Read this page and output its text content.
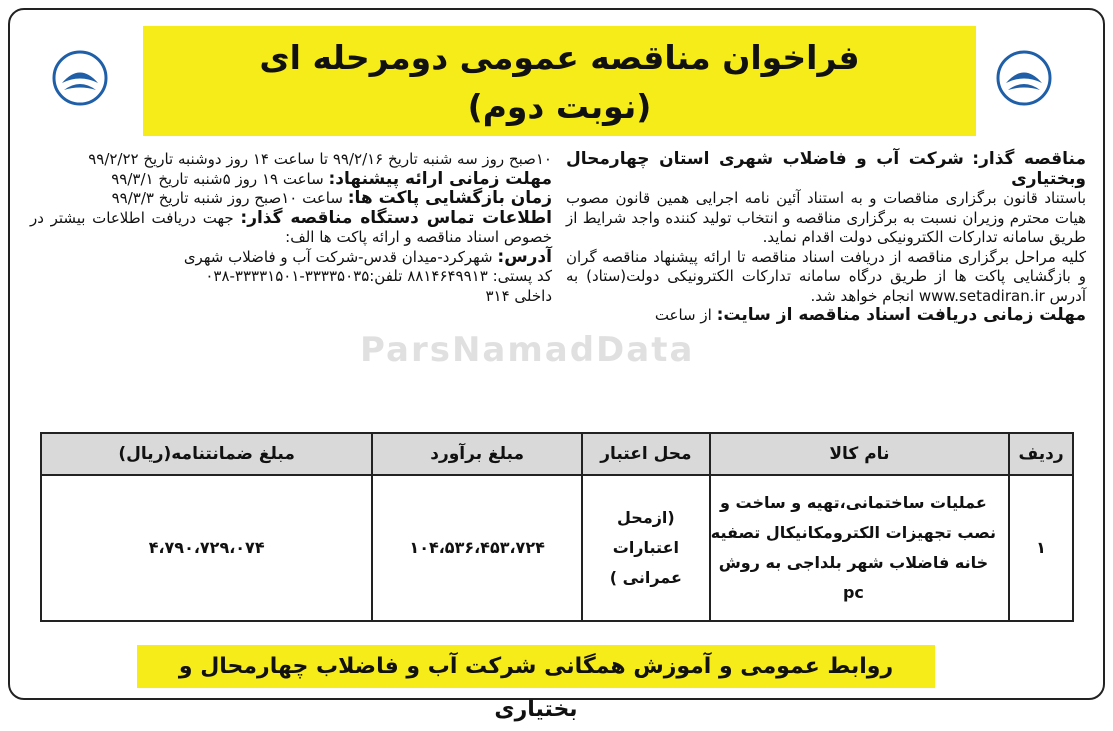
فراخوان مناقصه عمومی دومرحله ای
(نوبت دوم)

مناقصه گذار: شرکت آب و فاضلاب شهری استان چهارمحال وبختیاری

باستناد قانون برگزاری مناقصات و به استناد آئین نامه اجرایی همین قانون مصوب هیات محترم وزیران نسبت به برگزاری مناقصه و انتخاب تولید کننده واجد شرایط از طریق سامانه تدارکات الکترونیکی دولت اقدام نماید.

کلیه مراحل برگزاری مناقصه از دریافت اسناد مناقصه تا ارائه پیشنهاد مناقصه گران و بازگشایی پاکت ها از طریق درگاه سامانه تدارکات الکترونیکی دولت(ستاد) به آدرس www.setadiran.ir انجام خواهد شد.

مهلت زمانی دریافت اسناد مناقصه از سایت: از ساعت

۱۰صبح روز سه شنبه تاریخ ۹۹/۲/۱۶ تا ساعت ۱۴ روز دوشنبه تاریخ ۹۹/۲/۲۲

مهلت زمانی ارائه پیشنهاد: ساعت ۱۹ روز ۵شنبه تاریخ ۹۹/۳/۱

زمان بازگشایی پاکت ها: ساعت ۱۰صبح روز شنبه تاریخ ۹۹/۳/۳

اطلاعات تماس دستگاه مناقصه گذار: جهت دریافت اطلاعات بیشتر در خصوص اسناد مناقصه و ارائه پاکت ها الف:

آدرس: شهرکرد-میدان قدس-شرکت آب و فاضلاب شهری

کد پستی: ۸۸۱۴۶۴۹۹۱۳ تلفن:۳۳۳۳۵۰۳۵-۳۳۳۳۱۵۰۱-۰۳۸

داخلی ۳۱۴

ParsNamadData
ردیف	نام کالا	محل اعتبار	مبلغ برآورد	مبلغ ضمانتنامه(ریال)
۱	عملیات ساختمانی،تهیه و ساخت و نصب تجهیزات الکترومکانیکال تصفیه خانه فاضلاب شهر بلداجی به روش pc	(ازمحل اعتبارات عمرانی )	۱۰۴،۵۳۶،۴۵۳،۷۲۴	۴،۷۹۰،۷۲۹،۰۷۴
روابط عمومی و آموزش همگانی شرکت آب و فاضلاب چهارمحال و بختیاری
